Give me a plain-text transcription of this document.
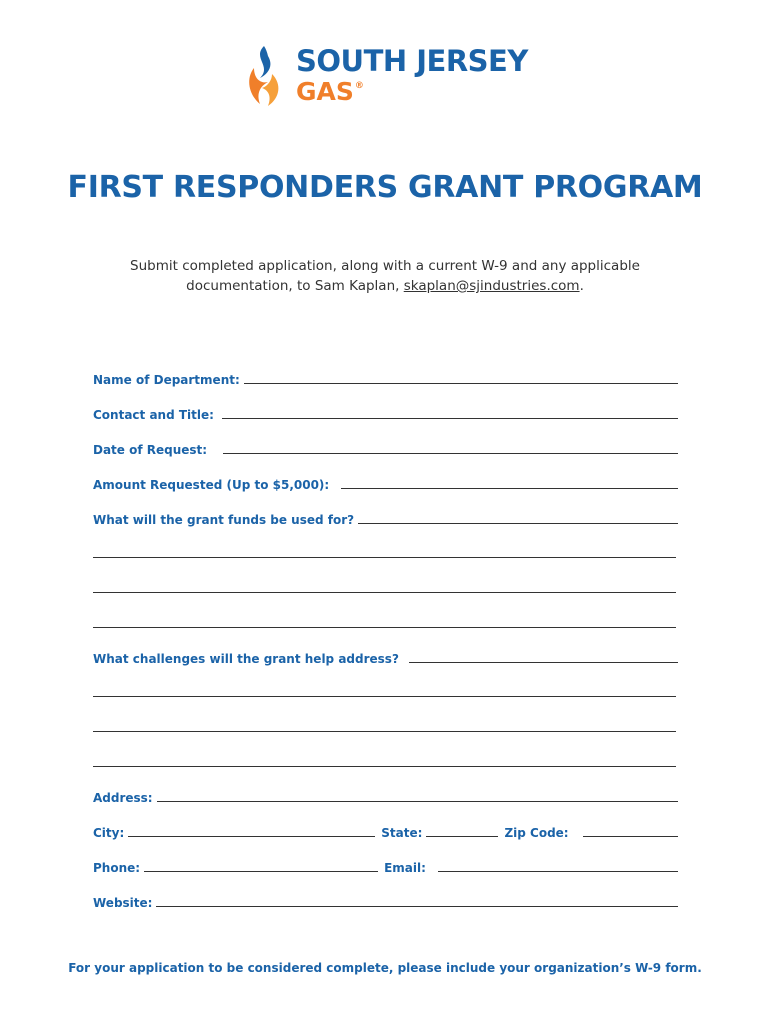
SOUTH JERSEY
GAS®
FIRST RESPONDERS GRANT PROGRAM
Submit completed application, along with a current W-9 and any applicable
documentation, to Sam Kaplan, skaplan@sjindustries.com.
Name of Department:
Contact and Title:
Date of Request:
Amount Requested (Up to $5,000):
What will the grant funds be used for?
What challenges will the grant help address?
Address:
City:	State:	Zip Code:
Phone:	Email:
Website:
For your application to be considered complete, please include your organization’s W-9 form.
